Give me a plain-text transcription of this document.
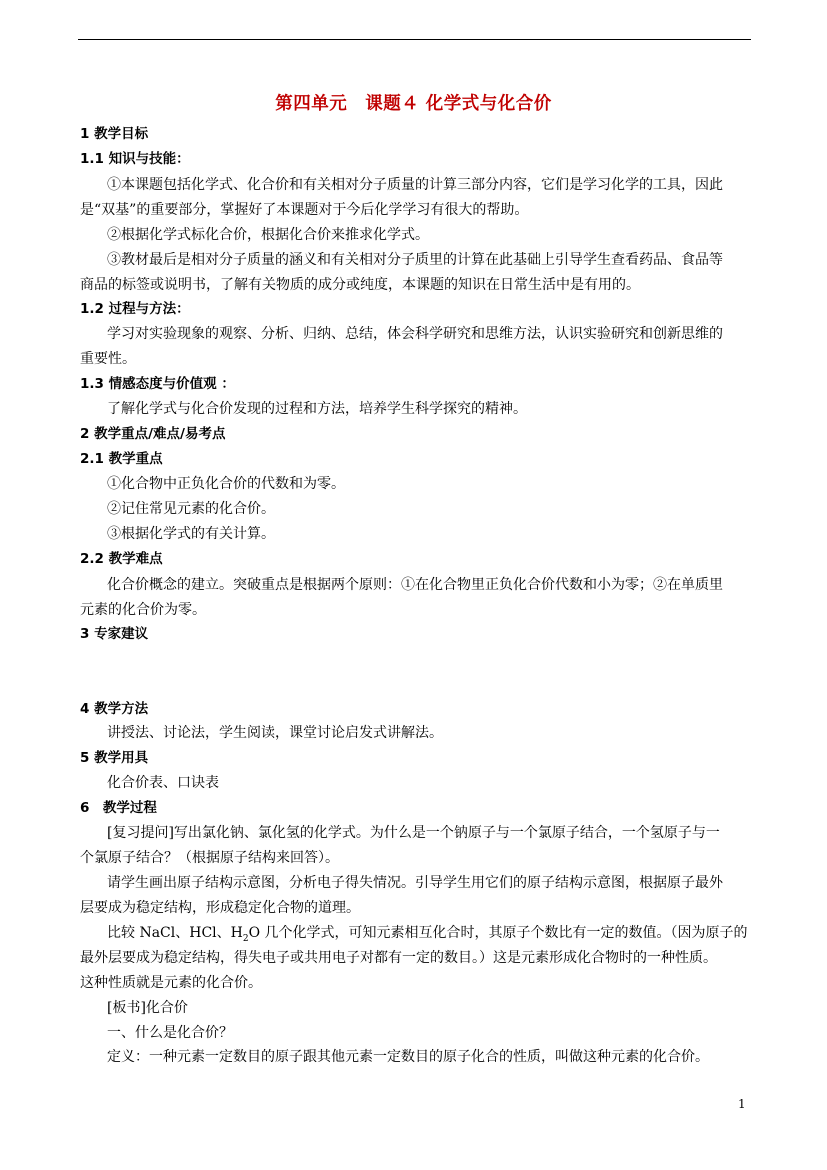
第四单元　课题４ 化学式与化合价
1 教学目标
1.1 知识与技能：
①本课题包括化学式、化合价和有关相对分子质量的计算三部分内容，它们是学习化学的工具，因此
是“双基”的重要部分，掌握好了本课题对于今后化学学习有很大的帮助。
②根据化学式标化合价，根据化合价来推求化学式。
③教材最后是相对分子质量的涵义和有关相对分子质里的计算在此基础上引导学生查看药品、食品等
商品的标签或说明书，了解有关物质的成分或纯度，本课题的知识在日常生活中是有用的。
1.2 过程与方法：
学习对实验现象的观察、分析、归纳、总结，体会科学研究和思维方法，认识实验研究和创新思维的
重要性。
1.3 情感态度与价值观 ：
了解化学式与化合价发现的过程和方法，培养学生科学探究的精神。
2 教学重点/难点/易考点
2.1 教学重点
①化合物中正负化合价的代数和为零。
②记住常见元素的化合价。
③根据化学式的有关计算。
2.2 教学难点
化合价概念的建立。突破重点是根据两个原则：①在化合物里正负化合价代数和小为零；②在单质里
元素的化合价为零。
3 专家建议
4 教学方法
讲授法、讨论法，学生阅读，课堂讨论启发式讲解法。
5 教学用具
化合价表、口诀表
6　教学过程
[复习提问]写出氯化钠、氯化氢的化学式。为什么是一个钠原子与一个氯原子结合，一个氢原子与一
个氯原子结合？（根据原子结构来回答）。
请学生画出原子结构示意图，分析电子得失情况。引导学生用它们的原子结构示意图，根据原子最外
层要成为稳定结构，形成稳定化合物的道理。
比较 NaCl、HCl、$H_2O$ 几个化学式，可知元素相互化合时，其原子个数比有一定的数值。（因为原子的
最外层要成为稳定结构，得失电子或共用电子对都有一定的数目。）这是元素形成化合物时的一种性质。
这种性质就是元素的化合价。
[板书]化合价
一、什么是化合价？
定义：一种元素一定数目的原子跟其他元素一定数目的原子化合的性质，叫做这种元素的化合价。
1
